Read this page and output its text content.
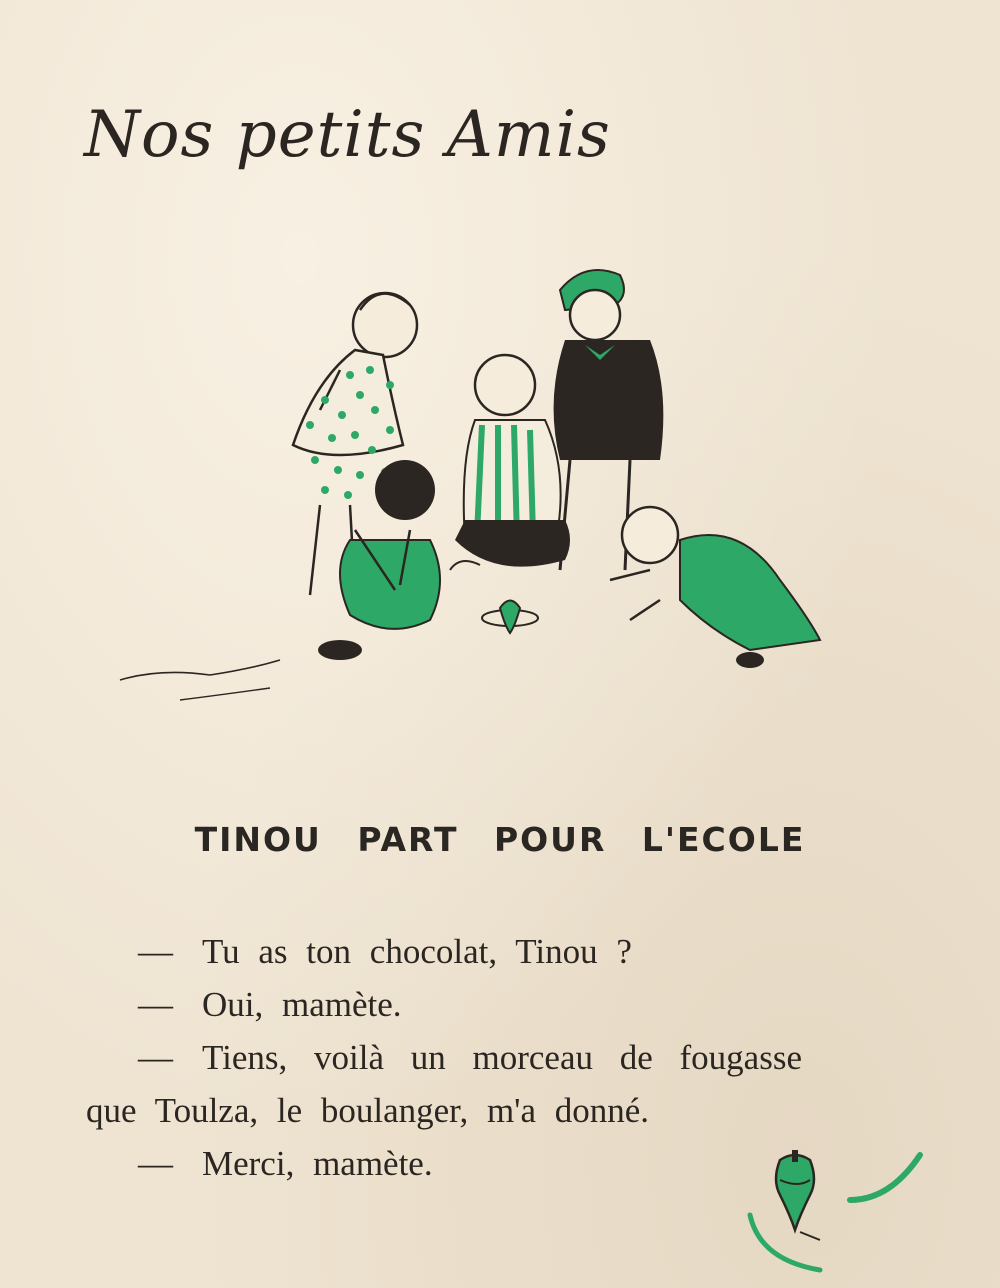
Nos petits Amis
TINOU PART POUR L'ECOLE
— Tu as ton chocolat, Tinou ?
— Oui, mamète.
— Tiens, voilà un morceau de fougasse
que Toulza, le boulanger, m'a donné.
— Merci, mamète.
